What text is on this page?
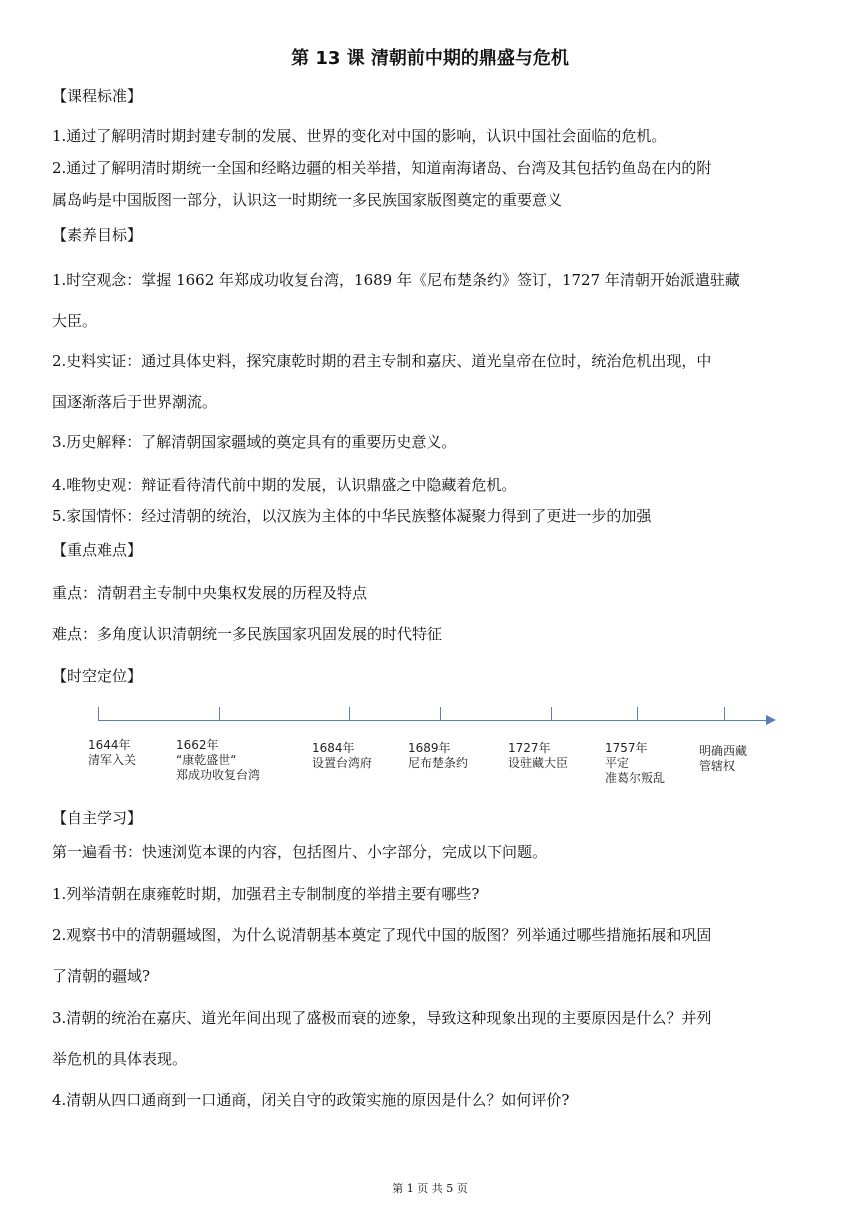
第 13 课 清朝前中期的鼎盛与危机
【课程标准】
1.通过了解明清时期封建专制的发展、世界的变化对中国的影响，认识中国社会面临的危机。
2.通过了解明清时期统一全国和经略边疆的相关举措，知道南海诸岛、台湾及其包括钓鱼岛在内的附
属岛屿是中国版图一部分，认识这一时期统一多民族国家版图奠定的重要意义
【素养目标】
1.时空观念：掌握 1662 年郑成功收复台湾，1689 年《尼布楚条约》签订，1727 年清朝开始派遣驻藏
大臣。
2.史料实证：通过具体史料，探究康乾时期的君主专制和嘉庆、道光皇帝在位时，统治危机出现，中
国逐渐落后于世界潮流。
3.历史解释：了解清朝国家疆域的奠定具有的重要历史意义。
4.唯物史观：辩证看待清代前中期的发展，认识鼎盛之中隐藏着危机。
5.家国情怀：经过清朝的统治，以汉族为主体的中华民族整体凝聚力得到了更进一步的加强
【重点难点】
重点：清朝君主专制中央集权发展的历程及特点
难点：多角度认识清朝统一多民族国家巩固发展的时代特征
【时空定位】
1644年
清军入关
1662年
“康乾盛世“
郑成功收复台湾
1684年
设置台湾府
1689年
尼布楚条约
1727年
设驻藏大臣
1757年
平定
准葛尔叛乱
明确西藏
管辖权
【自主学习】
第一遍看书：快速浏览本课的内容，包括图片、小字部分，完成以下问题。
1.列举清朝在康雍乾时期，加强君主专制制度的举措主要有哪些?
2.观察书中的清朝疆域图，为什么说清朝基本奠定了现代中国的版图？列举通过哪些措施拓展和巩固
了清朝的疆域?
3.清朝的统治在嘉庆、道光年间出现了盛极而衰的迹象，导致这种现象出现的主要原因是什么？并列
举危机的具体表现。
4.清朝从四口通商到一口通商，闭关自守的政策实施的原因是什么？如何评价?
第 1 页 共 5 页
